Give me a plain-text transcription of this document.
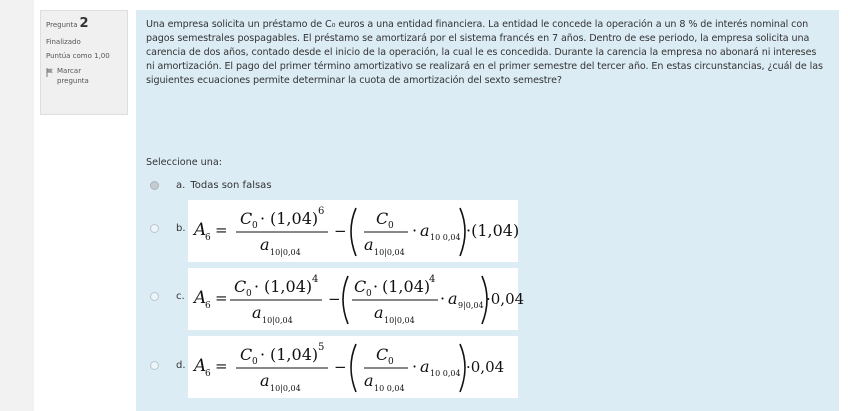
Pregunta 2
Finalizado
Puntúa como 1,00
Marcar
pregunta
Una empresa solicita un préstamo de C₀ euros a una entidad financiera. La entidad le concede la operación a un 8 % de interés nominal con pagos semestrales pospagables. El préstamo se amortizará por el sistema francés en 7 años. Dentro de ese periodo, la empresa solicita una carencia de dos años, contado desde el inicio de la operación, la cual le es concedida. Durante la carencia la empresa no abonará ni intereses ni amortización. El pago del primer término amortizativo se realizará en el primer semestre del tercer año. En estas circunstancias, ¿cuál de las siguientes ecuaciones permite determinar la cuota de amortización del sexto semestre?
Seleccione una:
a. Todas son falsas
b. A
6 =
C 0 · (1,04) 6
a 10|0,04
−
C 0
a 10|0,04
· a 10 0,04 ·(1,04)
c. A
6 =
C 0 · (1,04) 4
a 10|0,04
−
C 0 · (1,04)
4
a 10|0,04
· a 9|0,04 ·0,04
d. A
6 =
C 0 · (1,04) 5
a 10|0,04
−
C 0
a 10 0,04
· a 10 0,04 ·0,04
